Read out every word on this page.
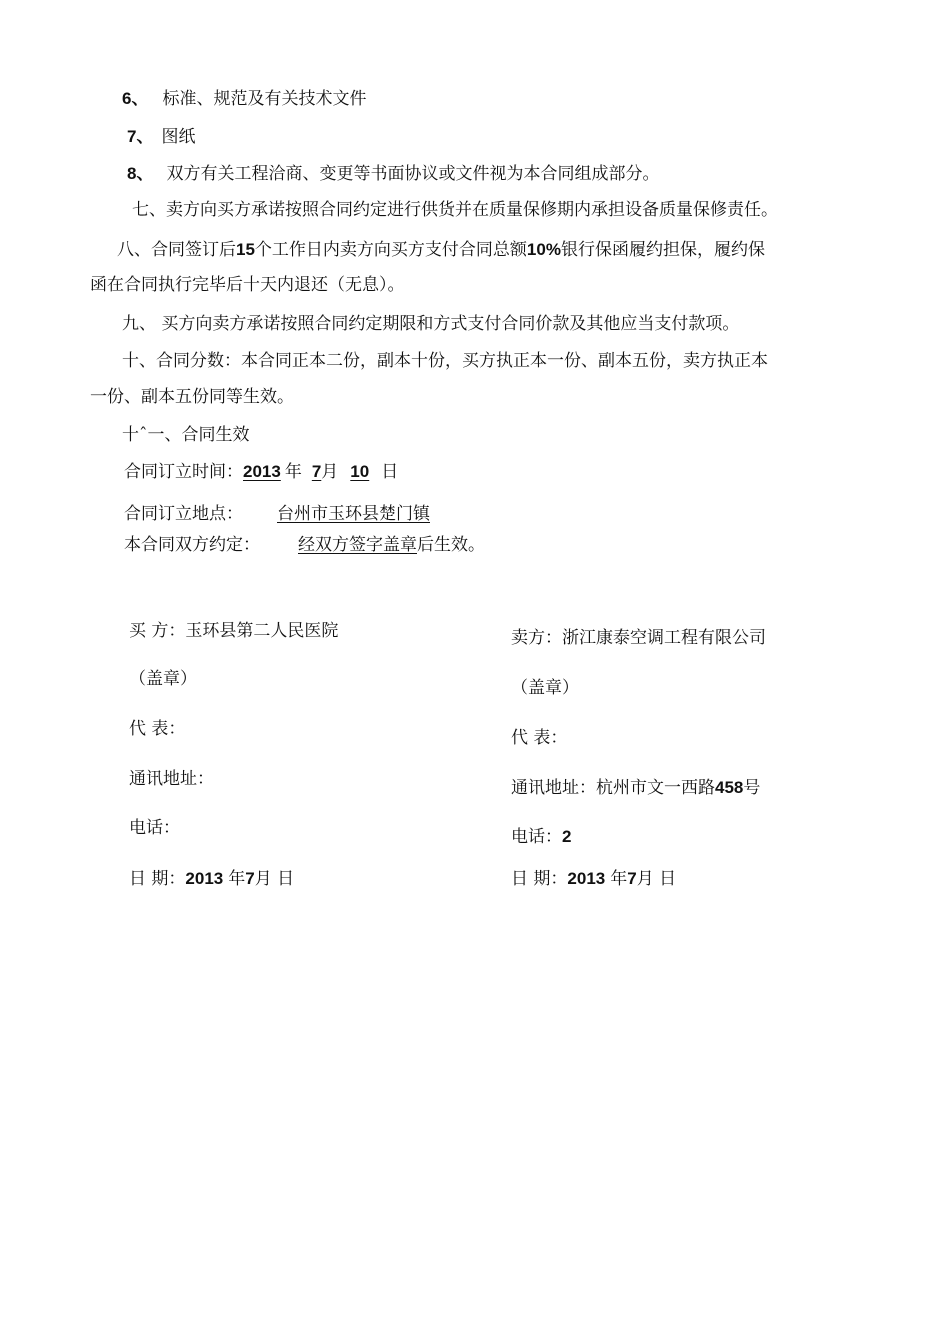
6、 标准、规范及有关技术文件
7、 图纸
8、 双方有关工程洽商、变更等书面协议或文件视为本合同组成部分。
七、卖方向买方承诺按照合同约定进行供货并在质量保修期内承担设备质量保修责任。
八、合同签订后15个工作日内卖方向买方支付合同总额10%银行保函履约担保，履约保
函在合同执行完毕后十天内退还（无息）。
九、 买方向卖方承诺按照合同约定期限和方式支付合同价款及其他应当支付款项。
十、合同分数：本合同正本二份，副本十份，买方执正本一份、副本五份，卖方执正本
一份、副本五份同等生效。
十ˆ一、合同生效
合同订立时间：2013 年 7月 10 日
合同订立地点： 台州市玉环县楚门镇
本合同双方约定： 经双方签字盖章后生效。
买 方：玉环县第二人民医院
（盖章）
代 表：
通讯地址：
电话：
日 期：2013 年7月 日
卖方：浙江康泰空调工程有限公司
（盖章）
代 表：
通讯地址：杭州市文一西路458号
电话：2
日 期：2013 年7月 日
